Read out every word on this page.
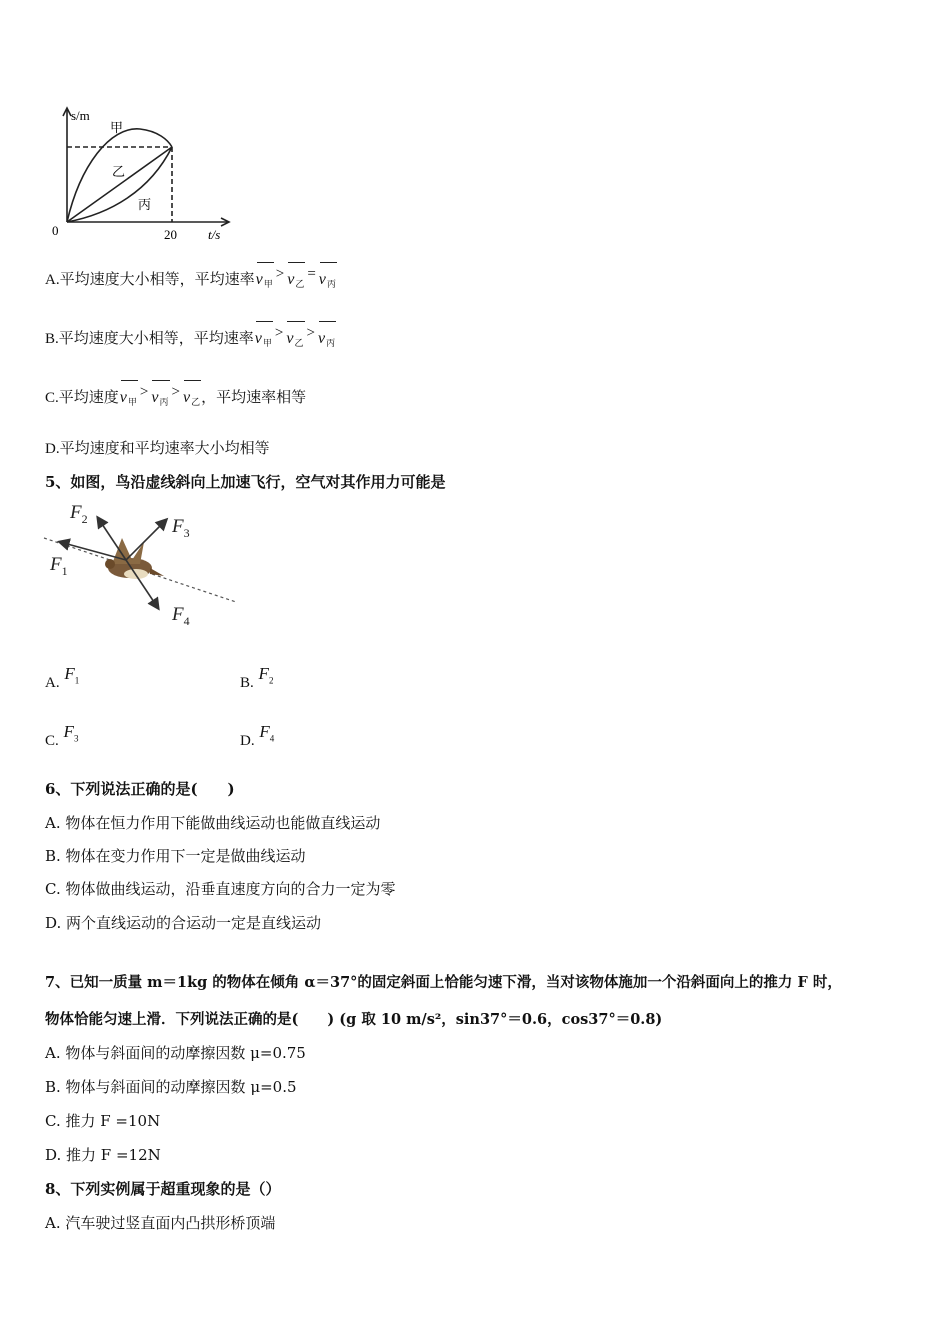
s/m
t/s
0	20
甲
乙
丙
A.平均速度大小相等，平均速率
$v_甲> v_乙= v_丙$
B.平均速度大小相等，平均速率
$v_甲> v_乙> v_丙$
C.平均速度
$v_甲> v_丙> v_乙$，平均速率相等
D.平均速度和平均速率大小均相等
5、如图，鸟沿虚线斜向上加速飞行，空气对其作用力可能是
$F_1$
$F_2$	$F_3$
$F_4$
A. $F_1$	B. $F_2$
C. $F_3$	D. $F_4$
6、下列说法正确的是(　　)
A. 物体在恒力作用下能做曲线运动也能做直线运动
B. 物体在变力作用下一定是做曲线运动
C. 物体做曲线运动，沿垂直速度方向的合力一定为零
D. 两个直线运动的合运动一定是直线运动
7、已知一质量 m＝1kg 的物体在倾角 α＝37°的固定斜面上恰能匀速下滑，当对该物体施加一个沿斜面向上的推力 F 时，
物体恰能匀速上滑．下列说法正确的是(　　) (g 取 10 m/s²，sin37°＝0.6，cos37°＝0.8)
A. 物体与斜面间的动摩擦因数 μ=0.75
B. 物体与斜面间的动摩擦因数 μ=0.5
C. 推力 F =10N
D. 推力 F =12N
8、下列实例属于超重现象的是（）
A. 汽车驶过竖直面内凸拱形桥顶端
